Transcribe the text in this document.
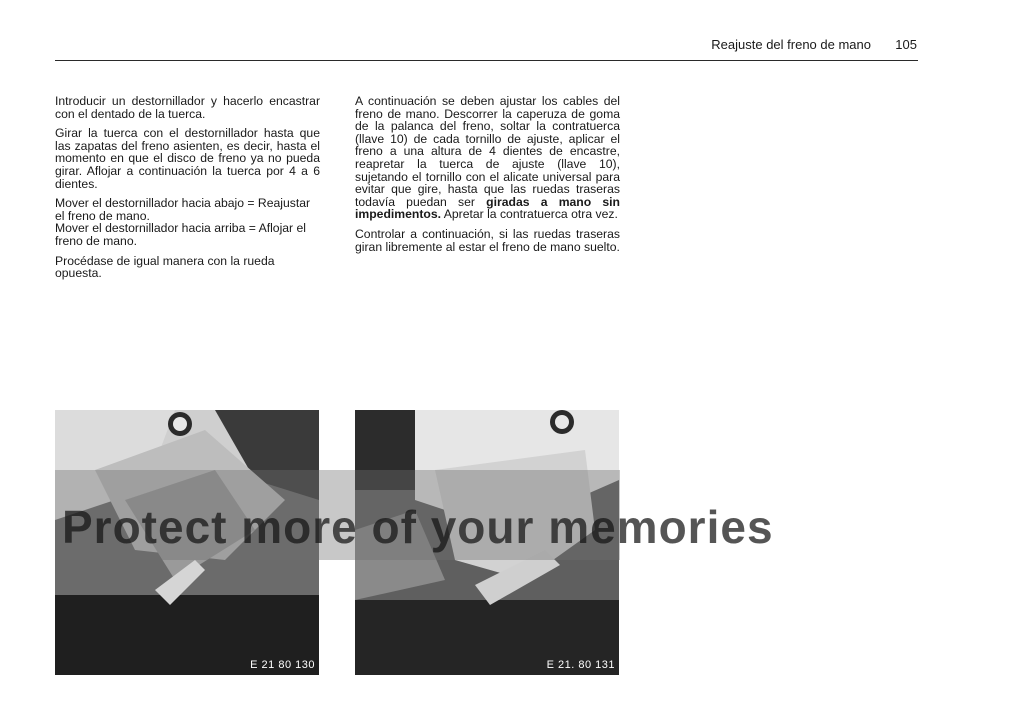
Reajuste del freno de mano 105

Introducir un destornillador y hacerlo encastrar con el dentado de la tuerca.

Girar la tuerca con el destornillador hasta que las zapatas del freno asienten, es decir, hasta el momento en que el disco de freno ya no pueda girar. Aflojar a continuación la tuerca por 4 a 6 dientes.

Mover el destornillador hacia abajo = Reajustar el freno de mano.
Mover el destornillador hacia arriba = Aflojar el freno de mano.

Procédase de igual manera con la rueda opuesta.

A continuación se deben ajustar los cables del freno de mano. Descorrer la caperuza de goma de la palanca del freno, soltar la contratuerca (llave 10) de cada tornillo de ajuste, aplicar el freno a una altura de 4 dientes de encastre, reapretar la tuerca de ajuste (llave 10), sujetando el tornillo con el alicate universal para evitar que gire, hasta que las ruedas traseras todavía puedan ser giradas a mano sin impedimentos. Apretar la contratuerca otra vez.

Controlar a continuación, si las ruedas traseras giran libremente al estar el freno de mano suelto.

E 21 80 130	E 21. 80 131
Protect more of your memories
